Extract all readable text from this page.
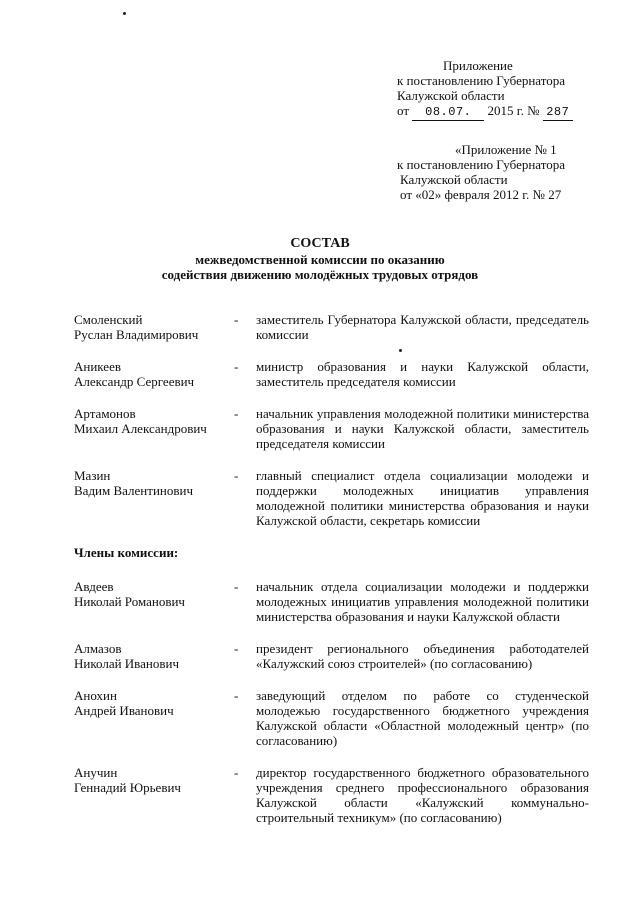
Приложение
к постановлению Губернатора
Калужской области
от 08.07. 2015 г. № 287
«Приложение № 1
к постановлению Губернатора
Калужской области
от «02» февраля 2012 г. № 27
СОСТАВ
межведомственной комиссии по оказанию
содействия движению молодёжных трудовых отрядов
Смоленский
Руслан Владимирович
-	заместитель Губернатора Калужской области, председатель комиссии
Аникеев
Александр Сергеевич
-	министр образования и науки Калужской области, заместитель председателя комиссии
Артамонов
Михаил Александрович
-	начальник управления молодежной политики министерства образования и науки Калужской области, заместитель председателя комиссии
Мазин
Вадим Валентинович
-	главный специалист отдела социализации молодежи и поддержки молодежных инициатив управления молодежной политики министерства образования и науки Калужской области, секретарь комиссии
Члены комиссии:
Авдеев
Николай Романович
-	начальник отдела социализации молодежи и поддержки молодежных инициатив управления молодежной политики министерства образования и науки Калужской области
Алмазов
Николай Иванович
-	президент регионального объединения работодателей «Калужский союз строителей» (по согласованию)
Анохин
Андрей Иванович
-	заведующий отделом по работе со студенческой молодежью государственного бюджетного учреждения Калужской области «Областной молодежный центр» (по согласованию)
Анучин
Геннадий Юрьевич
-	директор государственного бюджетного образовательного учреждения среднего профессионального образования Калужской области «Калужский коммунально-строительный техникум» (по согласованию)
